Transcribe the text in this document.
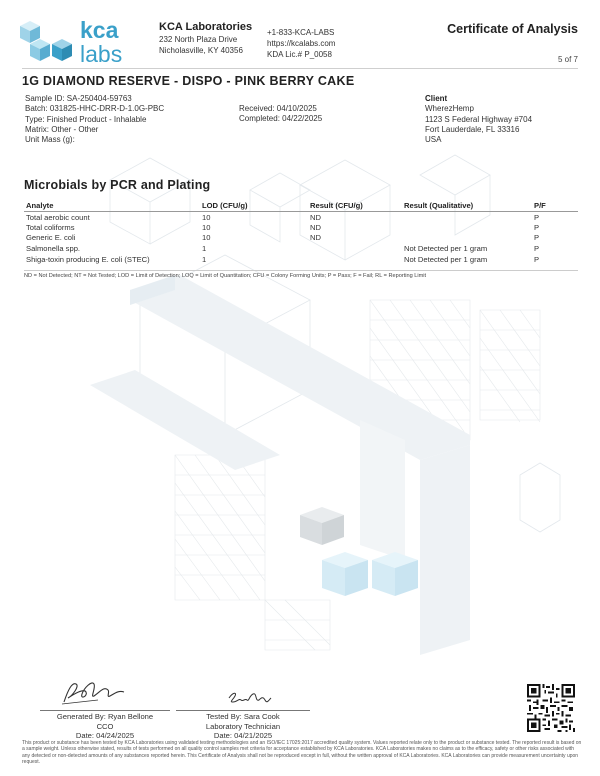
kca
labs
KCA Laboratories
232 North Plaza Drive
Nicholasville, KY 40356
+1-833-KCA-LABS
https://kcalabs.com
KDA Lic.# P_0058
Certificate of Analysis
5 of 7
1G DIAMOND RESERVE - DISPO - PINK BERRY CAKE
Sample ID: SA-250404-59763
Batch: 031825-HHC-DRR-D-1.0G-PBC
Type: Finished Product - Inhalable
Matrix: Other - Other
Unit Mass (g):
Received: 04/10/2025
Completed: 04/22/2025
Client
WherezHemp
1123 S Federal Highway #704
Fort Lauderdale, FL 33316
USA
Microbials by PCR and Plating
Analyte	LOD (CFU/g)	Result (CFU/g)	Result (Qualitative)	P/F
Total aerobic count	10	ND		P
Total coliforms	10	ND		P
Generic E. coli	10	ND		P
Salmonella spp.	1		Not Detected per 1 gram	P
Shiga-toxin producing E. coli (STEC)	1		Not Detected per 1 gram	P
ND = Not Detected; NT = Not Tested; LOD = Limit of Detection; LOQ = Limit of Quantitation; CFU = Colony Forming Units; P = Pass; F = Fail; RL = Reporting Limit
Generated By: Ryan Bellone
CCO
Date: 04/24/2025
Tested By: Sara Cook
Laboratory Technician
Date: 04/21/2025
This product or substance has been tested by KCA Laboratories using validated testing methodologies and an ISO/IEC 17025:2017 accredited quality system. Values reported relate only to the product or substance tested. The reported result is based on a sample weight. Unless otherwise stated, results of tests performed on all quality control samples met criteria for acceptance established by KCA Laboratories. KCA Laboratories makes no claims as to the efficacy, safety or other risks associated with any detected or non-detected amounts of any substances reported herein. This Certificate of Analysis shall not be reproduced except in full, without the written approval of KCA Laboratories. KCA Laboratories can provide measurement uncertainty upon request.
